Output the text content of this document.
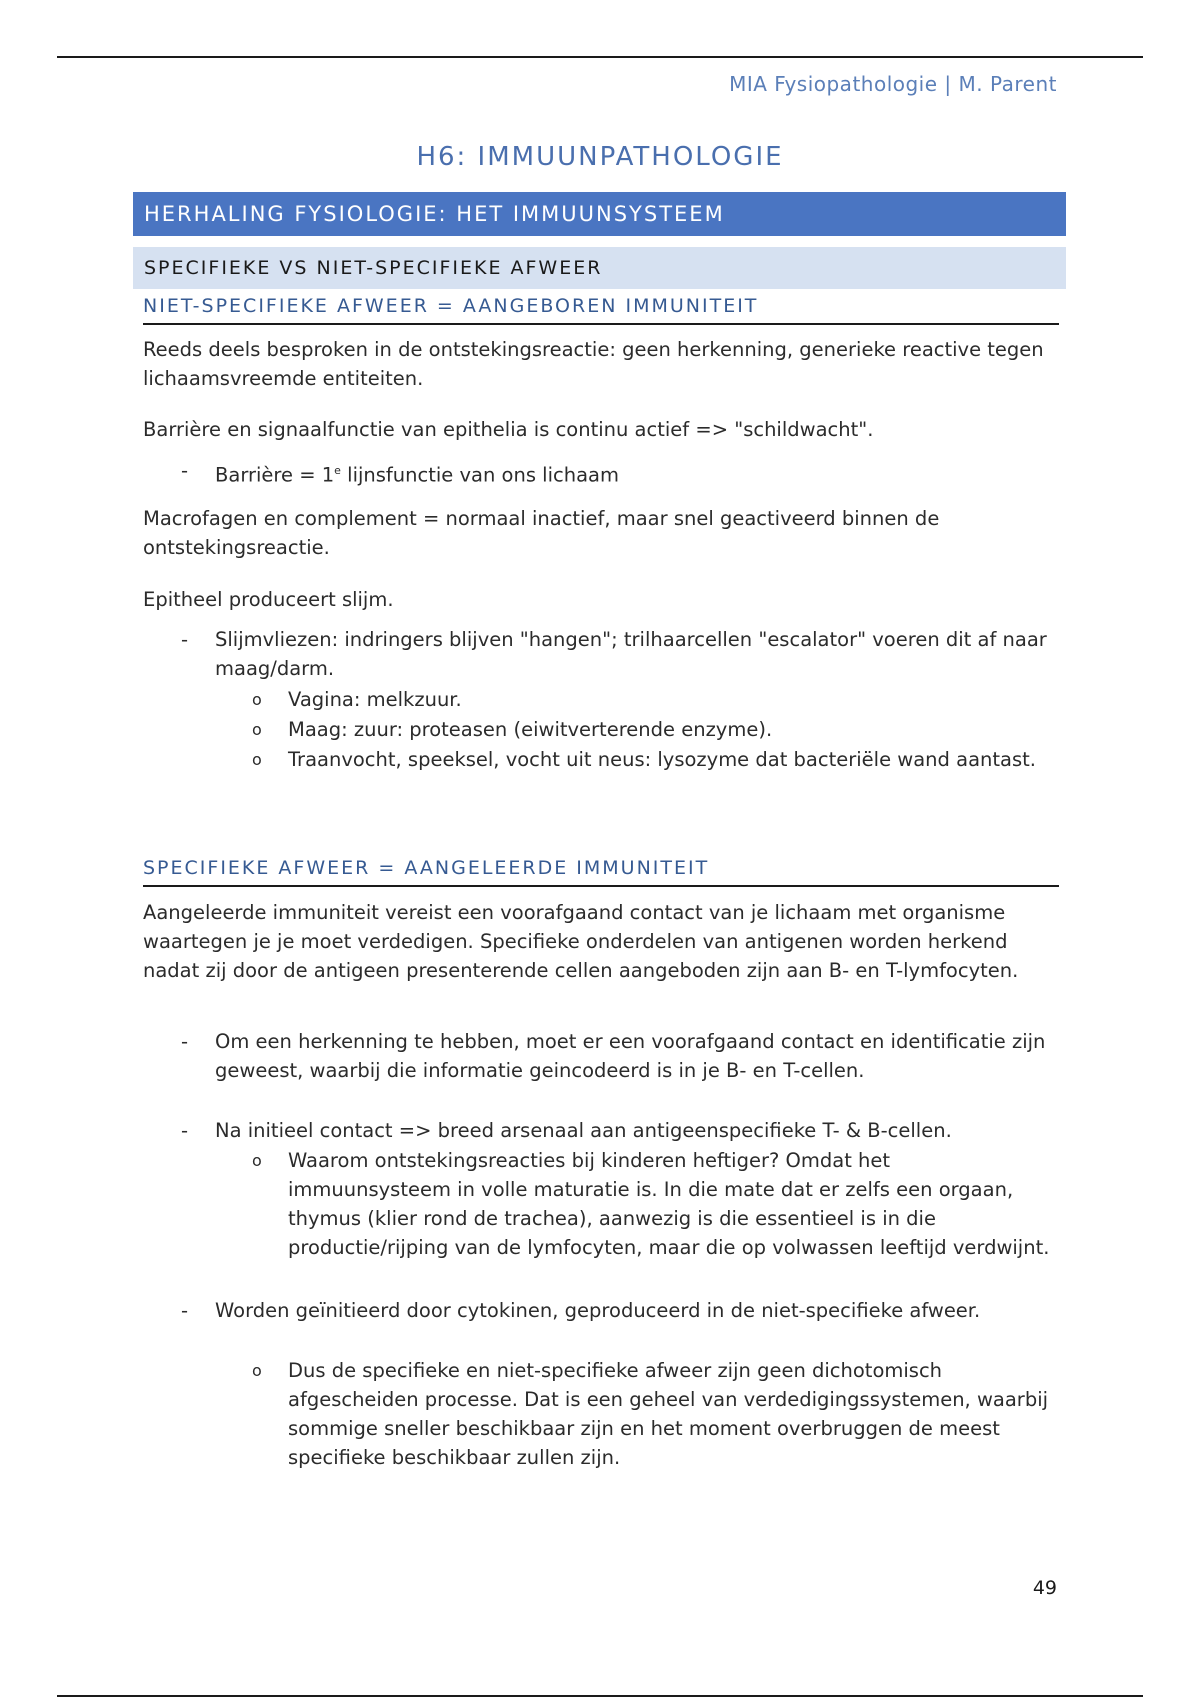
MIA Fysiopathologie | M. Parent
H6: IMMUUNPATHOLOGIE
HERHALING FYSIOLOGIE: HET IMMUUNSYSTEEM
SPECIFIEKE VS NIET-SPECIFIEKE AFWEER
NIET-SPECIFIEKE AFWEER = AANGEBOREN IMMUNITEIT
Reeds deels besproken in de ontstekingsreactie: geen herkenning, generieke reactive tegen lichaamsvreemde entiteiten.
Barrière en signaalfunctie van epithelia is continu actief => "schildwacht".
- Barrière = $1^e$ lijnsfunctie van ons lichaam
Macrofagen en complement = normaal inactief, maar snel geactiveerd binnen de ontstekingsreactie.
Epitheel produceert slijm.
- Slijmvliezen: indringers blijven "hangen"; trilhaarcellen "escalator" voeren dit af naar maag/darm.
o Vagina: melkzuur.
o Maag: zuur: proteasen (eiwitverterende enzyme).
o Traanvocht, speeksel, vocht uit neus: lysozyme dat bacteriële wand aantast.
SPECIFIEKE AFWEER = AANGELEERDE IMMUNITEIT
Aangeleerde immuniteit vereist een voorafgaand contact van je lichaam met organisme waartegen je je moet verdedigen. Specifieke onderdelen van antigenen worden herkend nadat zij door de antigeen presenterende cellen aangeboden zijn aan B- en T-lymfocyten.
- Om een herkenning te hebben, moet er een voorafgaand contact en identificatie zijn geweest, waarbij die informatie geincodeerd is in je B- en T-cellen.
- Na initieel contact => breed arsenaal aan antigeenspecifieke T- & B-cellen.
o Waarom ontstekingsreacties bij kinderen heftiger? Omdat het immuunsysteem in volle maturatie is. In die mate dat er zelfs een orgaan, thymus (klier rond de trachea), aanwezig is die essentieel is in die productie/rijping van de lymfocyten, maar die op volwassen leeftijd verdwijnt.
- Worden geïnitieerd door cytokinen, geproduceerd in de niet-specifieke afweer.
o Dus de specifieke en niet-specifieke afweer zijn geen dichotomisch afgescheiden processe. Dat is een geheel van verdedigingssystemen, waarbij sommige sneller beschikbaar zijn en het moment overbruggen de meest specifieke beschikbaar zullen zijn.
49
